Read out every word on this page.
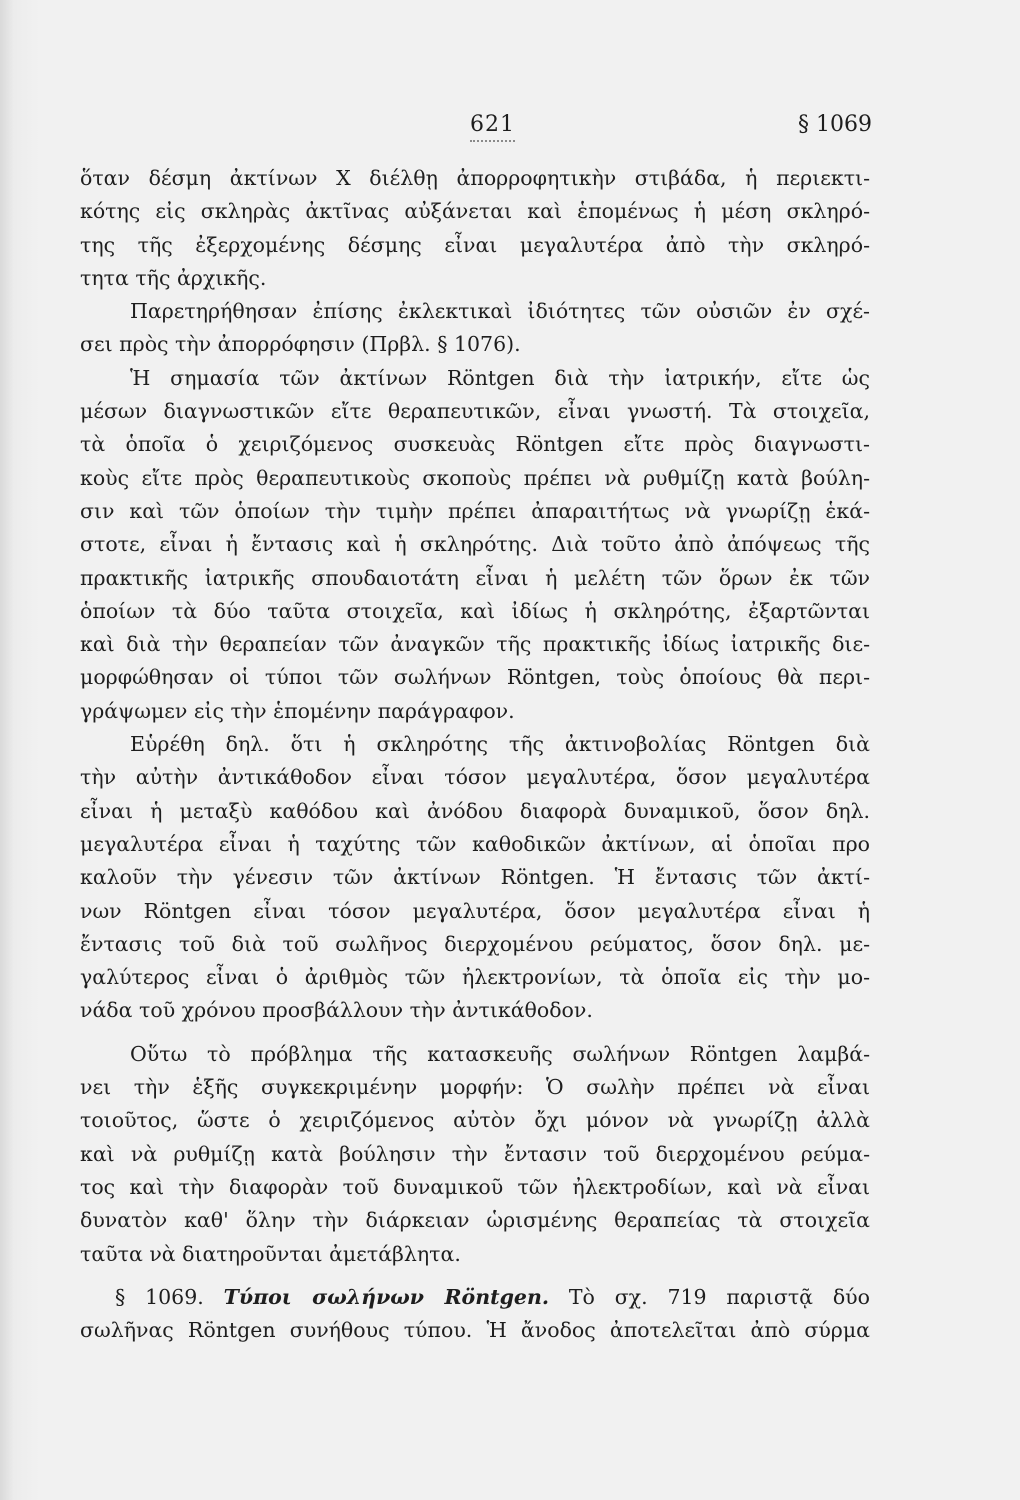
621	§ 1069
ὅταν δέσμη ἀκτίνων Χ διέλθῃ ἀπορροφητικὴν στιβάδα, ἡ περιεκτι-
κότης εἰς σκληρὰς ἀκτῖνας αὐξάνεται καὶ ἑπομένως ἡ μέση σκληρό-
της τῆς ἐξερχομένης δέσμης εἶναι μεγαλυτέρα ἀπὸ τὴν σκληρό-
τητα τῆς ἀρχικῆς.
Παρετηρήθησαν ἐπίσης ἐκλεκτικαὶ ἰδιότητες τῶν οὐσιῶν ἐν σχέ-
σει πρὸς τὴν ἀπορρόφησιν (Πρβλ. § 1076).
Ἡ σημασία τῶν ἀκτίνων Röntgen διὰ τὴν ἰατρικήν, εἴτε ὡς
μέσων διαγνωστικῶν εἴτε θεραπευτικῶν, εἶναι γνωστή. Τὰ στοιχεῖα,
τὰ ὁποῖα ὁ χειριζόμενος συσκευὰς Röntgen εἴτε πρὸς διαγνωστι-
κοὺς εἴτε πρὸς θεραπευτικοὺς σκοποὺς πρέπει νὰ ρυθμίζῃ κατὰ βούλη-
σιν καὶ τῶν ὁποίων τὴν τιμὴν πρέπει ἀπαραιτήτως νὰ γνωρίζῃ ἑκά-
στοτε, εἶναι ἡ ἔντασις καὶ ἡ σκληρότης. Διὰ τοῦτο ἀπὸ ἀπόψεως τῆς
πρακτικῆς ἰατρικῆς σπουδαιοτάτη εἶναι ἡ μελέτη τῶν ὅρων ἐκ τῶν
ὁποίων τὰ δύο ταῦτα στοιχεῖα, καὶ ἰδίως ἡ σκληρότης, ἐξαρτῶνται
καὶ διὰ τὴν θεραπείαν τῶν ἀναγκῶν τῆς πρακτικῆς ἰδίως ἰατρικῆς διε-
μορφώθησαν οἱ τύποι τῶν σωλήνων Röntgen, τοὺς ὁποίους θὰ περι-
γράψωμεν εἰς τὴν ἑπομένην παράγραφον.
Εὑρέθη δηλ. ὅτι ἡ σκληρότης τῆς ἀκτινοβολίας Röntgen διὰ
τὴν αὐτὴν ἀντικάθοδον εἶναι τόσον μεγαλυτέρα, ὅσον μεγαλυτέρα
εἶναι ἡ μεταξὺ καθόδου καὶ ἀνόδου διαφορὰ δυναμικοῦ, ὅσον δηλ.
μεγαλυτέρα εἶναι ἡ ταχύτης τῶν καθοδικῶν ἀκτίνων, αἱ ὁποῖαι προ
καλοῦν τὴν γένεσιν τῶν ἀκτίνων Röntgen. Ἡ ἔντασις τῶν ἀκτί-
νων Röntgen εἶναι τόσον μεγαλυτέρα, ὅσον μεγαλυτέρα εἶναι ἡ
ἔντασις τοῦ διὰ τοῦ σωλῆνος διερχομένου ρεύματος, ὅσον δηλ. με-
γαλύτερος εἶναι ὁ ἀριθμὸς τῶν ἠλεκτρονίων, τὰ ὁποῖα εἰς τὴν μο-
νάδα τοῦ χρόνου προσβάλλουν τὴν ἀντικάθοδον.
Οὕτω τὸ πρόβλημα τῆς κατασκευῆς σωλήνων Röntgen λαμβά-
νει τὴν ἑξῆς συγκεκριμένην μορφήν: Ὁ σωλὴν πρέπει νὰ εἶναι
τοιοῦτος, ὥστε ὁ χειριζόμενος αὐτὸν ὄχι μόνον νὰ γνωρίζῃ ἀλλὰ
καὶ νὰ ρυθμίζῃ κατὰ βούλησιν τὴν ἔντασιν τοῦ διερχομένου ρεύμα-
τος καὶ τὴν διαφορὰν τοῦ δυναμικοῦ τῶν ἠλεκτροδίων, καὶ νὰ εἶναι
δυνατὸν καθ' ὅλην τὴν διάρκειαν ὡρισμένης θεραπείας τὰ στοιχεῖα
ταῦτα νὰ διατηροῦνται ἀμετάβλητα.
§ 1069. Τύποι σωλήνων Röntgen. Τὸ σχ. 719 παριστᾷ δύο
σωλῆνας Röntgen συνήθους τύπου. Ἡ ἄνοδος ἀποτελεῖται ἀπὸ σύρμα
